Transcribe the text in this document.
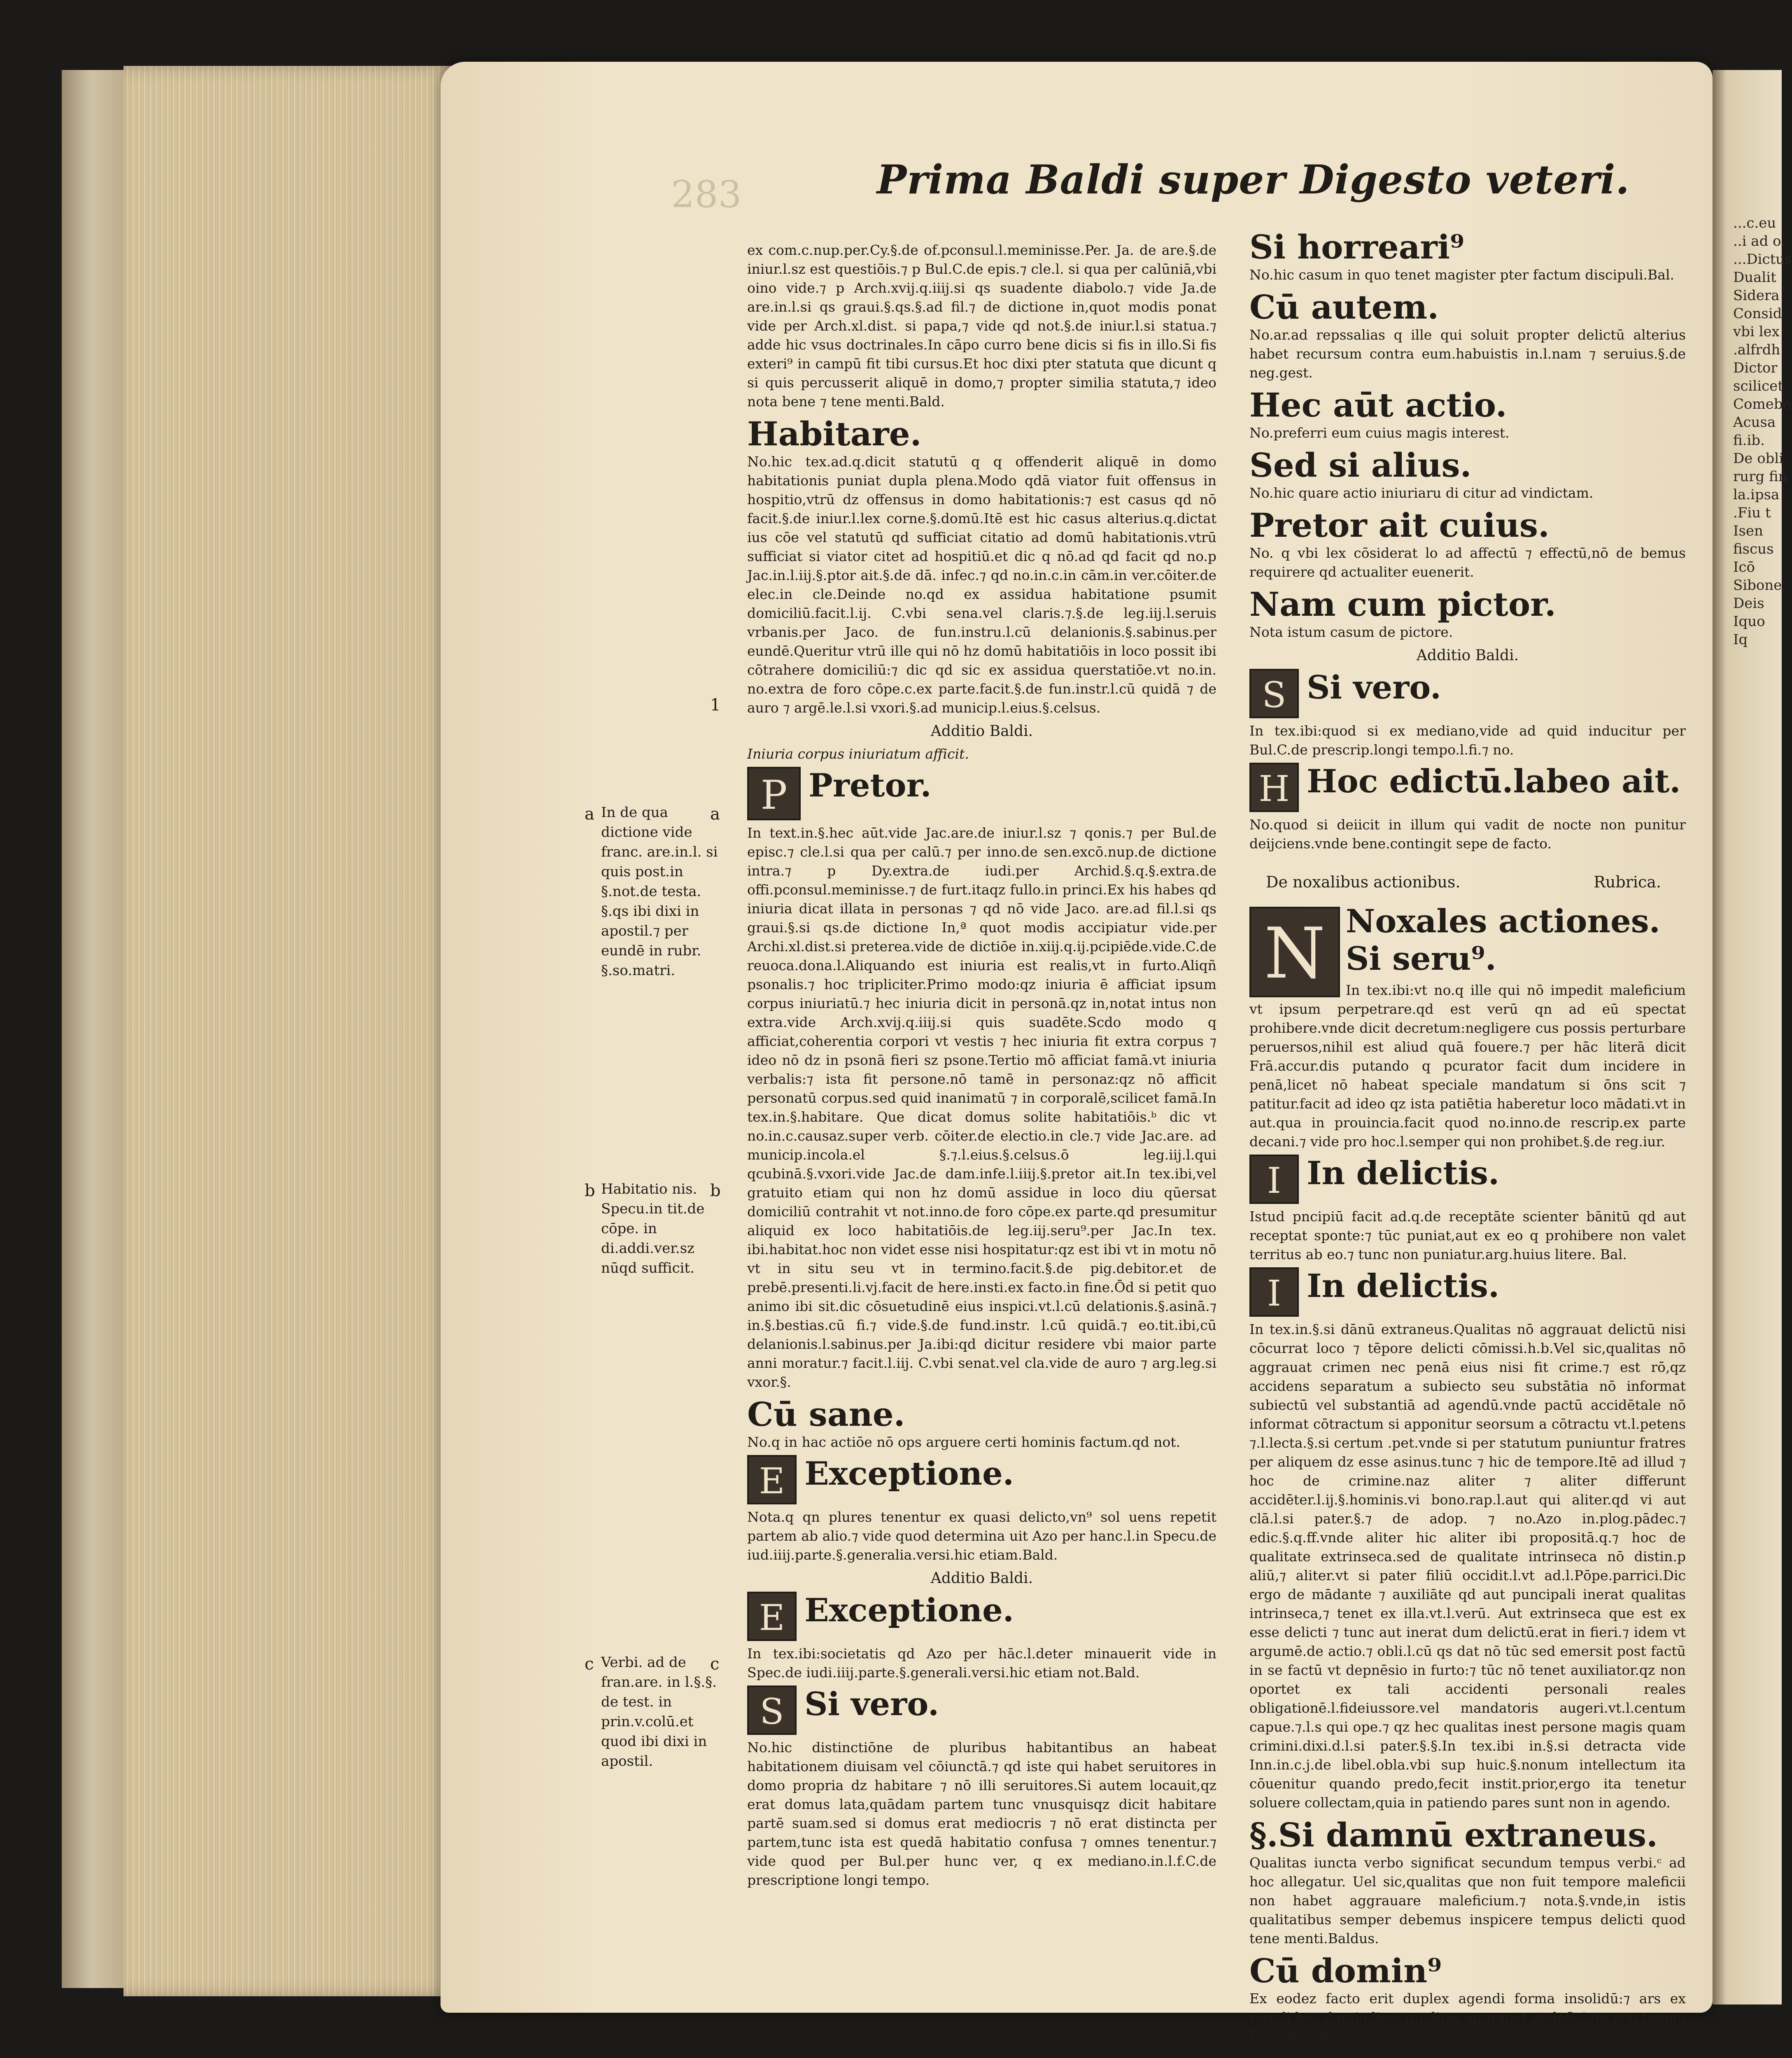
...c.eu
..i ad o.
...Dictus
Dualit
Sidera
Consid
vbi lex
.alfrdh
Dictor
scilicet
Comebe
Acusa
fi.ib.
De obli
rurg fin
la.ipsa
.Fiu t
Isen
fiscus
Icō
Sibone
Deis
Iquo
Iq
283	Prima Baldi super Digesto veteri.
a In de qua dictione vide franc. are.in.l. si quis post.in §.not.de testa. §.qs ibi dixi in apostil.⁊ per eundē in rubr. §.so.matri.
b Habitatio nis. Specu.in tit.de cōpe. in di.addi.ver.sz nūqd sufficit.
c Verbi. ad de fran.are. in l.§.§. de test. in prin.v.colū.et quod ibi dixi in apostil.
1
a
b
c

ex com.c.nup.per.Cy.§.de of.pconsul.l.meminisse.Per. Ja. de are.§.de iniur.l.sz est questiōis.⁊ p Bul.C.de epis.⁊ cle.l. si qua per calūniā,vbi oino vide.⁊ p Arch.xvij.q.iiij.si qs suadente diabolo.⁊ vide Ja.de are.in.l.si qs graui.§.qs.§.ad fil.⁊ de dictione in,quot modis ponat vide per Arch.xl.dist. si papa,⁊ vide qd not.§.de iniur.l.si statua.⁊ adde hic vsus doctrinales.In cāpo curro bene dicis si fis in illo.Si fis exteri⁹ in campū fit tibi cursus.Et hoc dixi pter statuta que dicunt q si quis percusserit aliquē in domo,⁊ propter similia statuta,⁊ ideo nota bene ⁊ tene menti.Bald.

Habitare.

No.hic tex.ad.q.dicit statutū q q offenderit aliquē in domo habitationis puniat dupla plena.Modo qdā viator fuit offensus in hospitio,vtrū dz offensus in domo habitationis:⁊ est casus qd nō facit.§.de iniur.l.lex corne.§.domū.Itē est hic casus alterius.q.dictat ius cōe vel statutū qd sufficiat citatio ad domū habitationis.vtrū sufficiat si viator citet ad hospitiū.et dic q nō.ad qd facit qd no.p Jac.in.l.iij.§.ptor ait.§.de dā. infec.⁊ qd no.in.c.in cām.in ver.cōiter.de elec.in cle.Deinde no.qd ex assidua habitatione psumit domiciliū.facit.l.ij. C.vbi sena.vel claris.⁊.§.de leg.iij.l.seruis vrbanis.per Jaco. de fun.instru.l.cū delanionis.§.sabinus.per eundē.Queritur vtrū ille qui nō hz domū habitatiōis in loco possit ibi cōtrahere domiciliū:⁊ dic qd sic ex assidua querstatiōe.vt no.in. no.extra de foro cōpe.c.ex parte.facit.§.de fun.instr.l.cū quidā ⁊ de auro ⁊ argē.le.l.si vxori.§.ad municip.l.eius.§.celsus.

Additio Baldi.

Iniuria corpus iniuriatum afficit.

P Pretor.

In text.in.§.hec aūt.vide Jac.are.de iniur.l.sz ⁊ qonis.⁊ per Bul.de episc.⁊ cle.l.si qua per calū.⁊ per inno.de sen.excō.nup.de dictione intra.⁊ p Dy.extra.de iudi.per Archid.§.q.§.extra.de offi.pconsul.meminisse.⁊ de furt.itaqz fullo.in princi.Ex his habes qd iniuria dicat illata in personas ⁊ qd nō vide Jaco. are.ad fil.l.si qs graui.§.si qs.de dictione In,ª quot modis accipiatur vide.per Archi.xl.dist.si preterea.vide de dictiōe in.xiij.q.ij.pcipiēde.vide.C.de reuoca.dona.l.Aliquando est iniuria est realis,vt in furto.Aliqñ psonalis.⁊ hoc tripliciter.Primo modo:qz iniuria ē afficiat ipsum corpus iniuriatū.⁊ hec iniuria dicit in personā.qz in,notat intus non extra.vide Arch.xvij.q.iiij.si quis suadēte.Scdo modo q afficiat,coherentia corpori vt vestis ⁊ hec iniuria fit extra corpus ⁊ ideo nō dz in psonā fieri sz psone.Tertio mō afficiat famā.vt iniuria verbalis:⁊ ista fit persone.nō tamē in personaz:qz nō afficit personatū corpus.sed quid inanimatū ⁊ in corporalē,scilicet famā.In tex.in.§.habitare. Que dicat domus solite habitatiōis.ᵇ dic vt no.in.c.causaz.super verb. cōiter.de electio.in cle.⁊ vide Jac.are. ad municip.incola.el §.⁊.l.eius.§.celsus.ō leg.iij.l.qui qcubinā.§.vxori.vide Jac.de dam.infe.l.iiij.§.pretor ait.In tex.ibi,vel gratuito etiam qui non hz domū assidue in loco diu qūersat domiciliū contrahit vt not.inno.de foro cōpe.ex parte.qd presumitur aliquid ex loco habitatiōis.de leg.iij.seru⁹.per Jac.In tex. ibi.habitat.hoc non videt esse nisi hospitatur:qz est ibi vt in motu nō vt in situ seu vt in termino.facit.§.de pig.debitor.et de prebē.presenti.li.vj.facit de here.insti.ex facto.in fine.Ōd si petit quo animo ibi sit.dic cōsuetudinē eius inspici.vt.l.cū delationis.§.asinā.⁊ in.§.bestias.cū fi.⁊ vide.§.de fund.instr. l.cū quidā.⁊ eo.tit.ibi,cū delanionis.l.sabinus.per Ja.ibi:qd dicitur residere vbi maior parte anni moratur.⁊ facit.l.iij. C.vbi senat.vel cla.vide de auro ⁊ arg.leg.si vxor.§.

Cū sane.

No.q in hac actiōe nō ops arguere certi hominis factum.qd not.

E Exceptione.

Nota.q qn plures tenentur ex quasi delicto,vn⁹ sol uens repetit partem ab alio.⁊ vide quod determina uit Azo per hanc.l.in Specu.de iud.iiij.parte.§.generalia.versi.hic etiam.Bald.

Additio Baldi.
E Exceptione.

In tex.ibi:societatis qd Azo per hāc.l.deter minauerit vide in Spec.de iudi.iiij.parte.§.generali.versi.hic etiam not.Bald.

S Si vero.

No.hic distinctiōne de pluribus habitantibus an habeat habitationem diuisam vel cōiunctā.⁊ qd iste qui habet seruitores in domo propria dz habitare ⁊ nō illi seruitores.Si autem locauit,qz erat domus lata,quādam partem tunc vnusquisqz dicit habitare partē suam.sed si domus erat mediocris ⁊ nō erat distincta per partem,tunc ista est quedā habitatio confusa ⁊ omnes tenentur.⁊ vide quod per Bul.per hunc ver, q ex mediano.in.l.f.C.de prescriptione longi tempo.

Si horreari⁹

No.hic casum in quo tenet magister pter factum discipuli.Bal.

Cū autem.

No.ar.ad repssalias q ille qui soluit propter delictū alterius habet recursum contra eum.habuistis in.l.nam ⁊ seruius.§.de neg.gest.

Hec aūt actio.

No.preferri eum cuius magis interest.

Sed si alius.

No.hic quare actio iniuriaru di citur ad vindictam.

Pretor ait cuius.

No. q vbi lex cōsiderat lo ad affectū ⁊ effectū,nō de bemus requirere qd actualiter euenerit.

Nam cum pictor.

Nota istum casum de pictore.

Additio Baldi.
S Si vero.

In tex.ibi:quod si ex mediano,vide ad quid inducitur per Bul.C.de prescrip.longi tempo.l.fi.⁊ no.

H Hoc edictū.labeo ait.

No.quod si deiicit in illum qui vadit de nocte non punitur deijciens.vnde bene.contingit sepe de facto.

De noxalibus actionibus.	Rubrica.
N Noxales actiones.
Si seru⁹.

In tex.ibi:vt no.q ille qui nō impedit maleficium vt ipsum perpetrare.qd est verū qn ad eū spectat prohibere.vnde dicit decretum:negligere cus possis perturbare peruersos,nihil est aliud quā fouere.⁊ per hāc literā dicit Frā.accur.dis putando q pcurator facit dum incidere in penā,licet nō habeat speciale mandatum si ōns scit ⁊ patitur.facit ad ideo qz ista patiētia haberetur loco mādati.vt in aut.qua in prouincia.facit quod no.inno.de rescrip.ex parte decani.⁊ vide pro hoc.l.semper qui non prohibet.§.de reg.iur.

I In delictis.

Istud pncipiū facit ad.q.de receptāte scienter bānitū qd aut receptat sponte:⁊ tūc puniat,aut ex eo q prohibere non valet territus ab eo.⁊ tunc non puniatur.arg.huius litere. Bal.

I In delictis.

In tex.in.§.si dānū extraneus.Qualitas nō aggrauat delictū nisi cōcurrat loco ⁊ tēpore delicti cōmissi.h.b.Vel sic,qualitas nō aggrauat crimen nec penā eius nisi fit crime.⁊ est rō,qz accidens separatum a subiecto seu substātia nō informat subiectū vel substantiā ad agendū.vnde pactū accidētale nō informat cōtractum si apponitur seorsum a cōtractu vt.l.petens ⁊.l.lecta.§.si certum .pet.vnde si per statutum puniuntur fratres per aliquem dz esse asinus.tunc ⁊ hic de tempore.Itē ad illud ⁊ hoc de crimine.naz aliter ⁊ aliter differunt accidēter.l.ij.§.hominis.vi bono.rap.l.aut qui aliter.qd vi aut clā.l.si pater.§.⁊ de adop. ⁊ no.Azo in.plog.pādec.⁊ edic.§.q.ff.vnde aliter hic aliter ibi propositā.q.⁊ hoc de qualitate extrinseca.sed de qualitate intrinseca nō distin.p aliū,⁊ aliter.vt si pater filiū occidit.l.vt ad.l.Pōpe.parrici.Dic ergo de mādante ⁊ auxiliāte qd aut puncipali inerat qualitas intrinseca,⁊ tenet ex illa.vt.l.verū. Aut extrinseca que est ex esse delicti ⁊ tunc aut inerat dum delictū.erat in fieri.⁊ idem vt argumē.de actio.⁊ obli.l.cū qs dat nō tūc sed emersit post factū in se factū vt depnēsio in furto:⁊ tūc nō tenet auxiliator.qz non oportet ex tali accidenti personali reales obligationē.l.fideiussore.vel mandatoris augeri.vt.l.centum capue.⁊.l.s qui ope.⁊ qz hec qualitas inest persone magis quam crimini.dixi.d.l.si pater.§.§.In tex.ibi in.§.si detracta vide Inn.in.c.j.de libel.obla.vbi sup huic.§.nonum intellectum ita cōuenitur quando predo,fecit instit.prior,ergo ita tenetur soluere collectam,quia in patiendo pares sunt non in agendo.

§.Si damnū extraneus.

Qualitas iuncta verbo significat secundum tempus verbi.ᶜ ad hoc allegatur. Uel sic,qualitas que non fuit tempore maleficii non habet aggrauare maleficium.⁊ nota.§.vnde,in istis qualitatibus semper debemus inspicere tempus delicti quod tene menti.Baldus.

Cū domin⁹

Ex eodez facto erit duplex agendi forma insolidū:⁊ ars ex noxali.hoc d.quia licet qualitas aggrauet maleficium non tamen facit quin posi.
